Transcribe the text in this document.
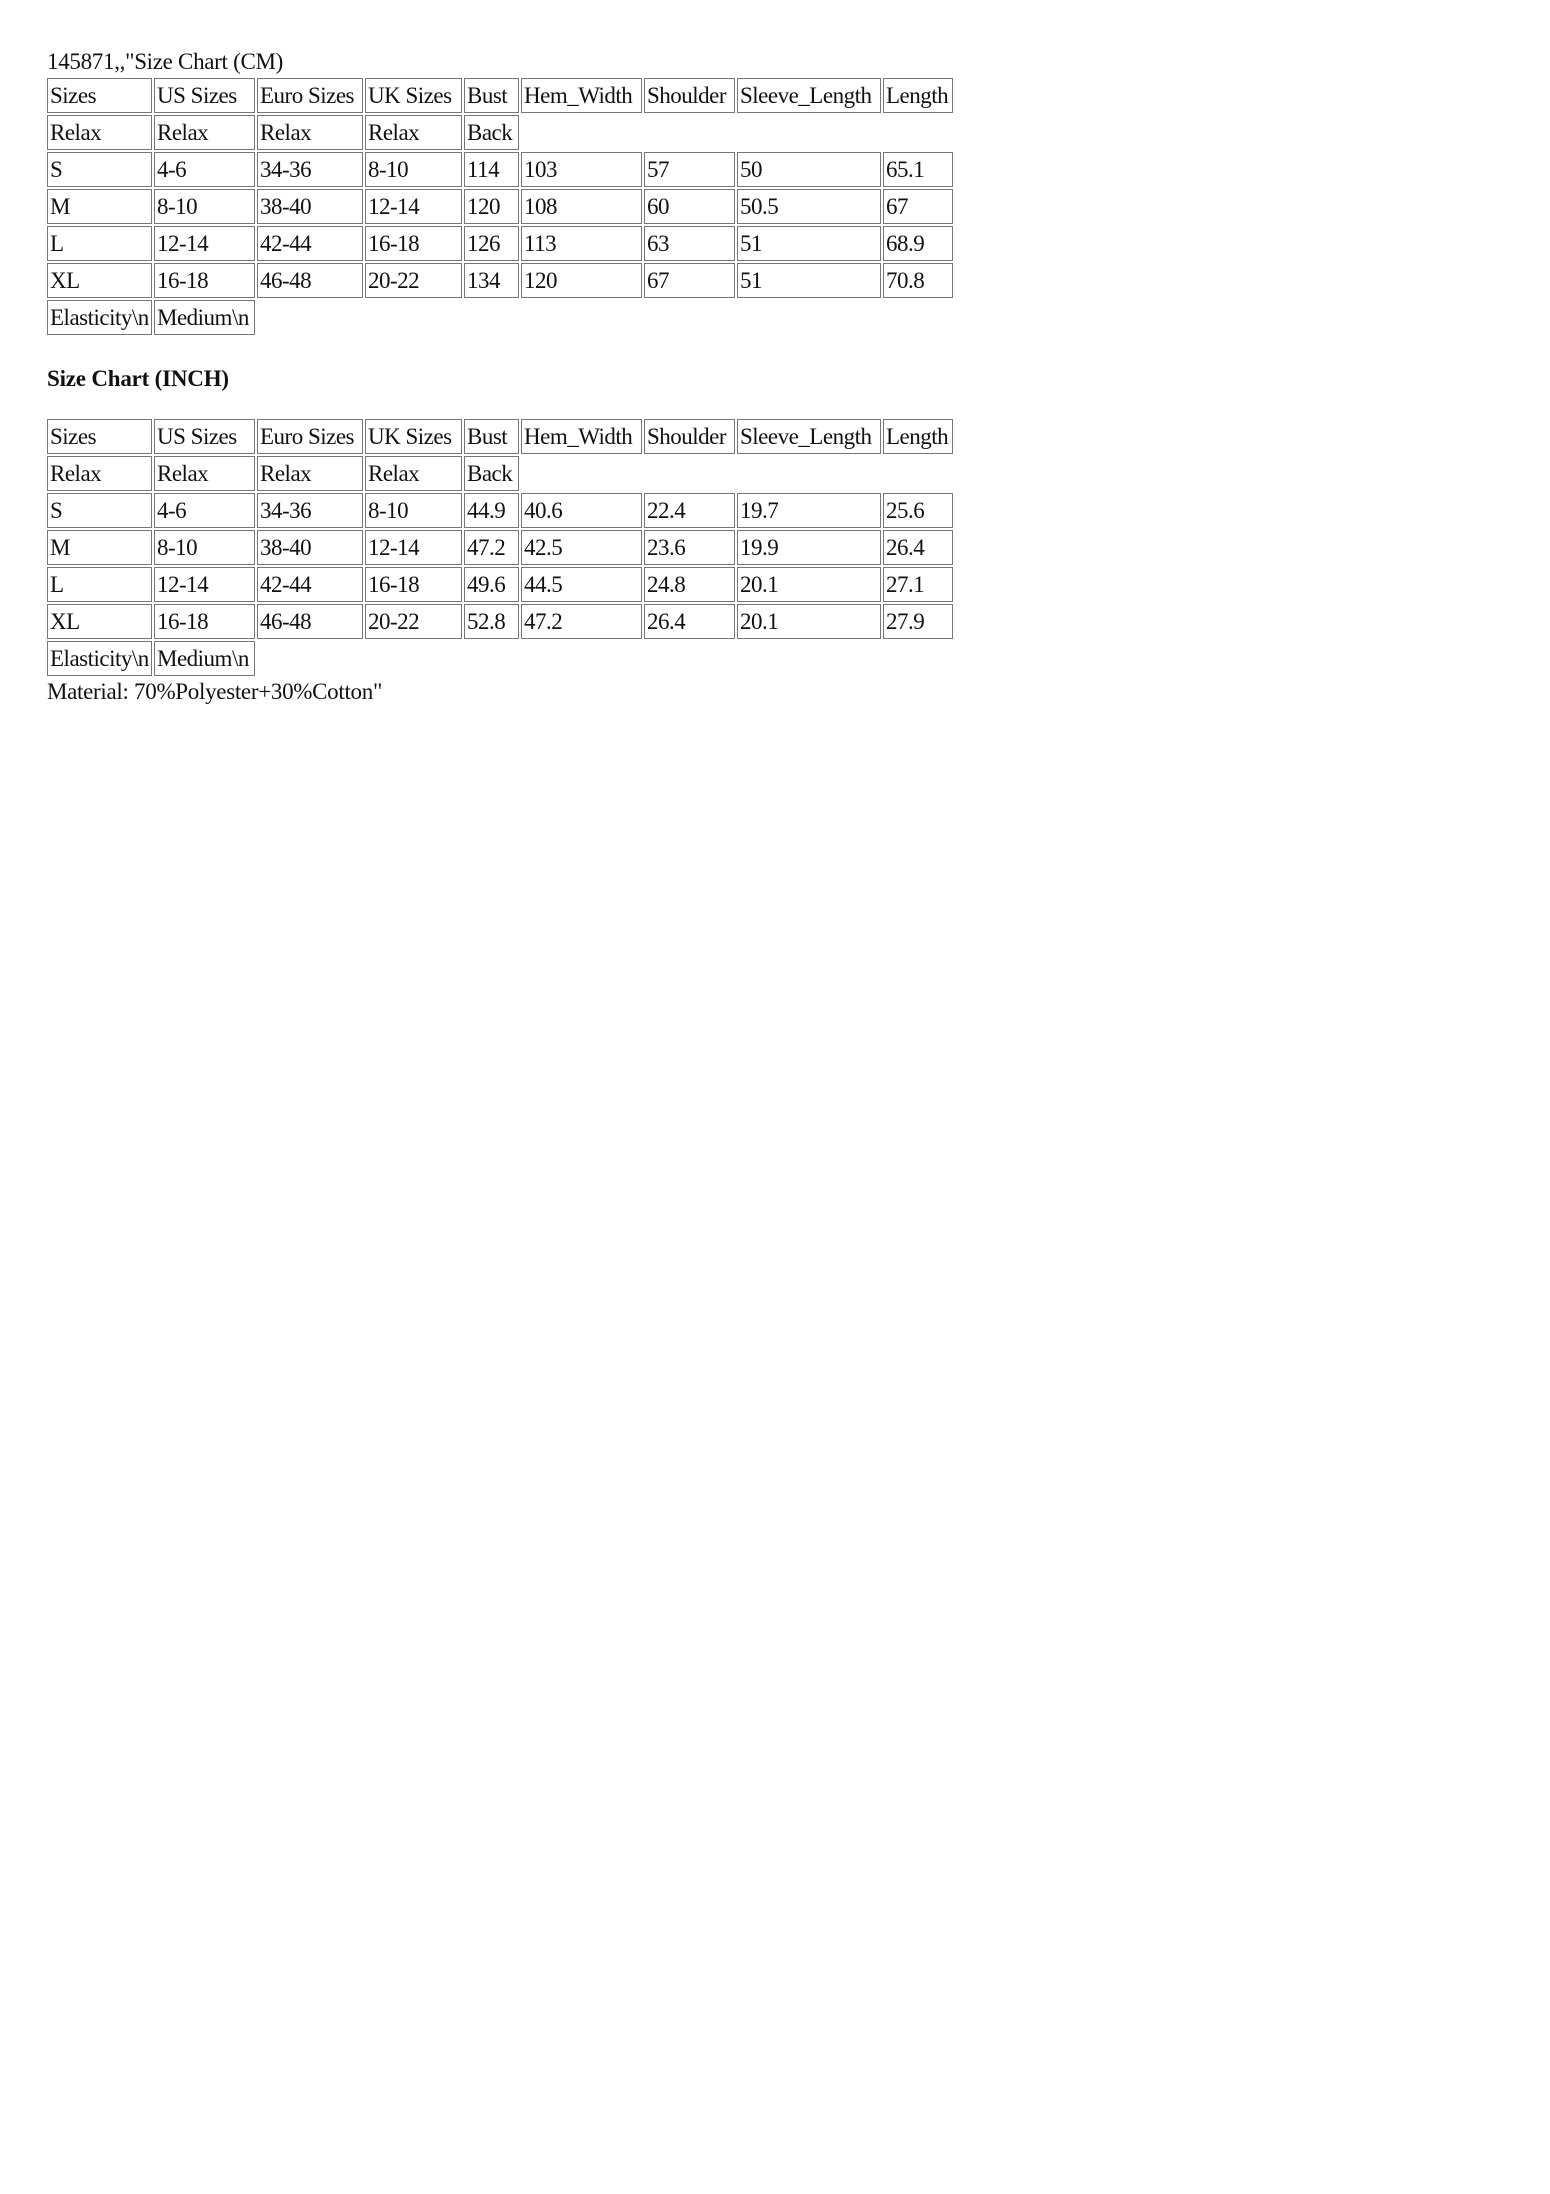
145871,,"Size Chart (CM)
Sizes	US Sizes	Euro Sizes	UK Sizes	Bust	Hem_Width	Shoulder	Sleeve_Length	Length
Relax	Relax	Relax	Relax	Back				
S	4-6	34-36	8-10	114	103	57	50	65.1
M	8-10	38-40	12-14	120	108	60	50.5	67
L	12-14	42-44	16-18	126	113	63	51	68.9
XL	16-18	46-48	20-22	134	120	67	51	70.8
Elasticity\n	Medium\n							
Size Chart (INCH)
Sizes	US Sizes	Euro Sizes	UK Sizes	Bust	Hem_Width	Shoulder	Sleeve_Length	Length
Relax	Relax	Relax	Relax	Back				
S	4-6	34-36	8-10	44.9	40.6	22.4	19.7	25.6
M	8-10	38-40	12-14	47.2	42.5	23.6	19.9	26.4
L	12-14	42-44	16-18	49.6	44.5	24.8	20.1	27.1
XL	16-18	46-48	20-22	52.8	47.2	26.4	20.1	27.9
Elasticity\n	Medium\n							
Material: 70%Polyester+30%Cotton"
